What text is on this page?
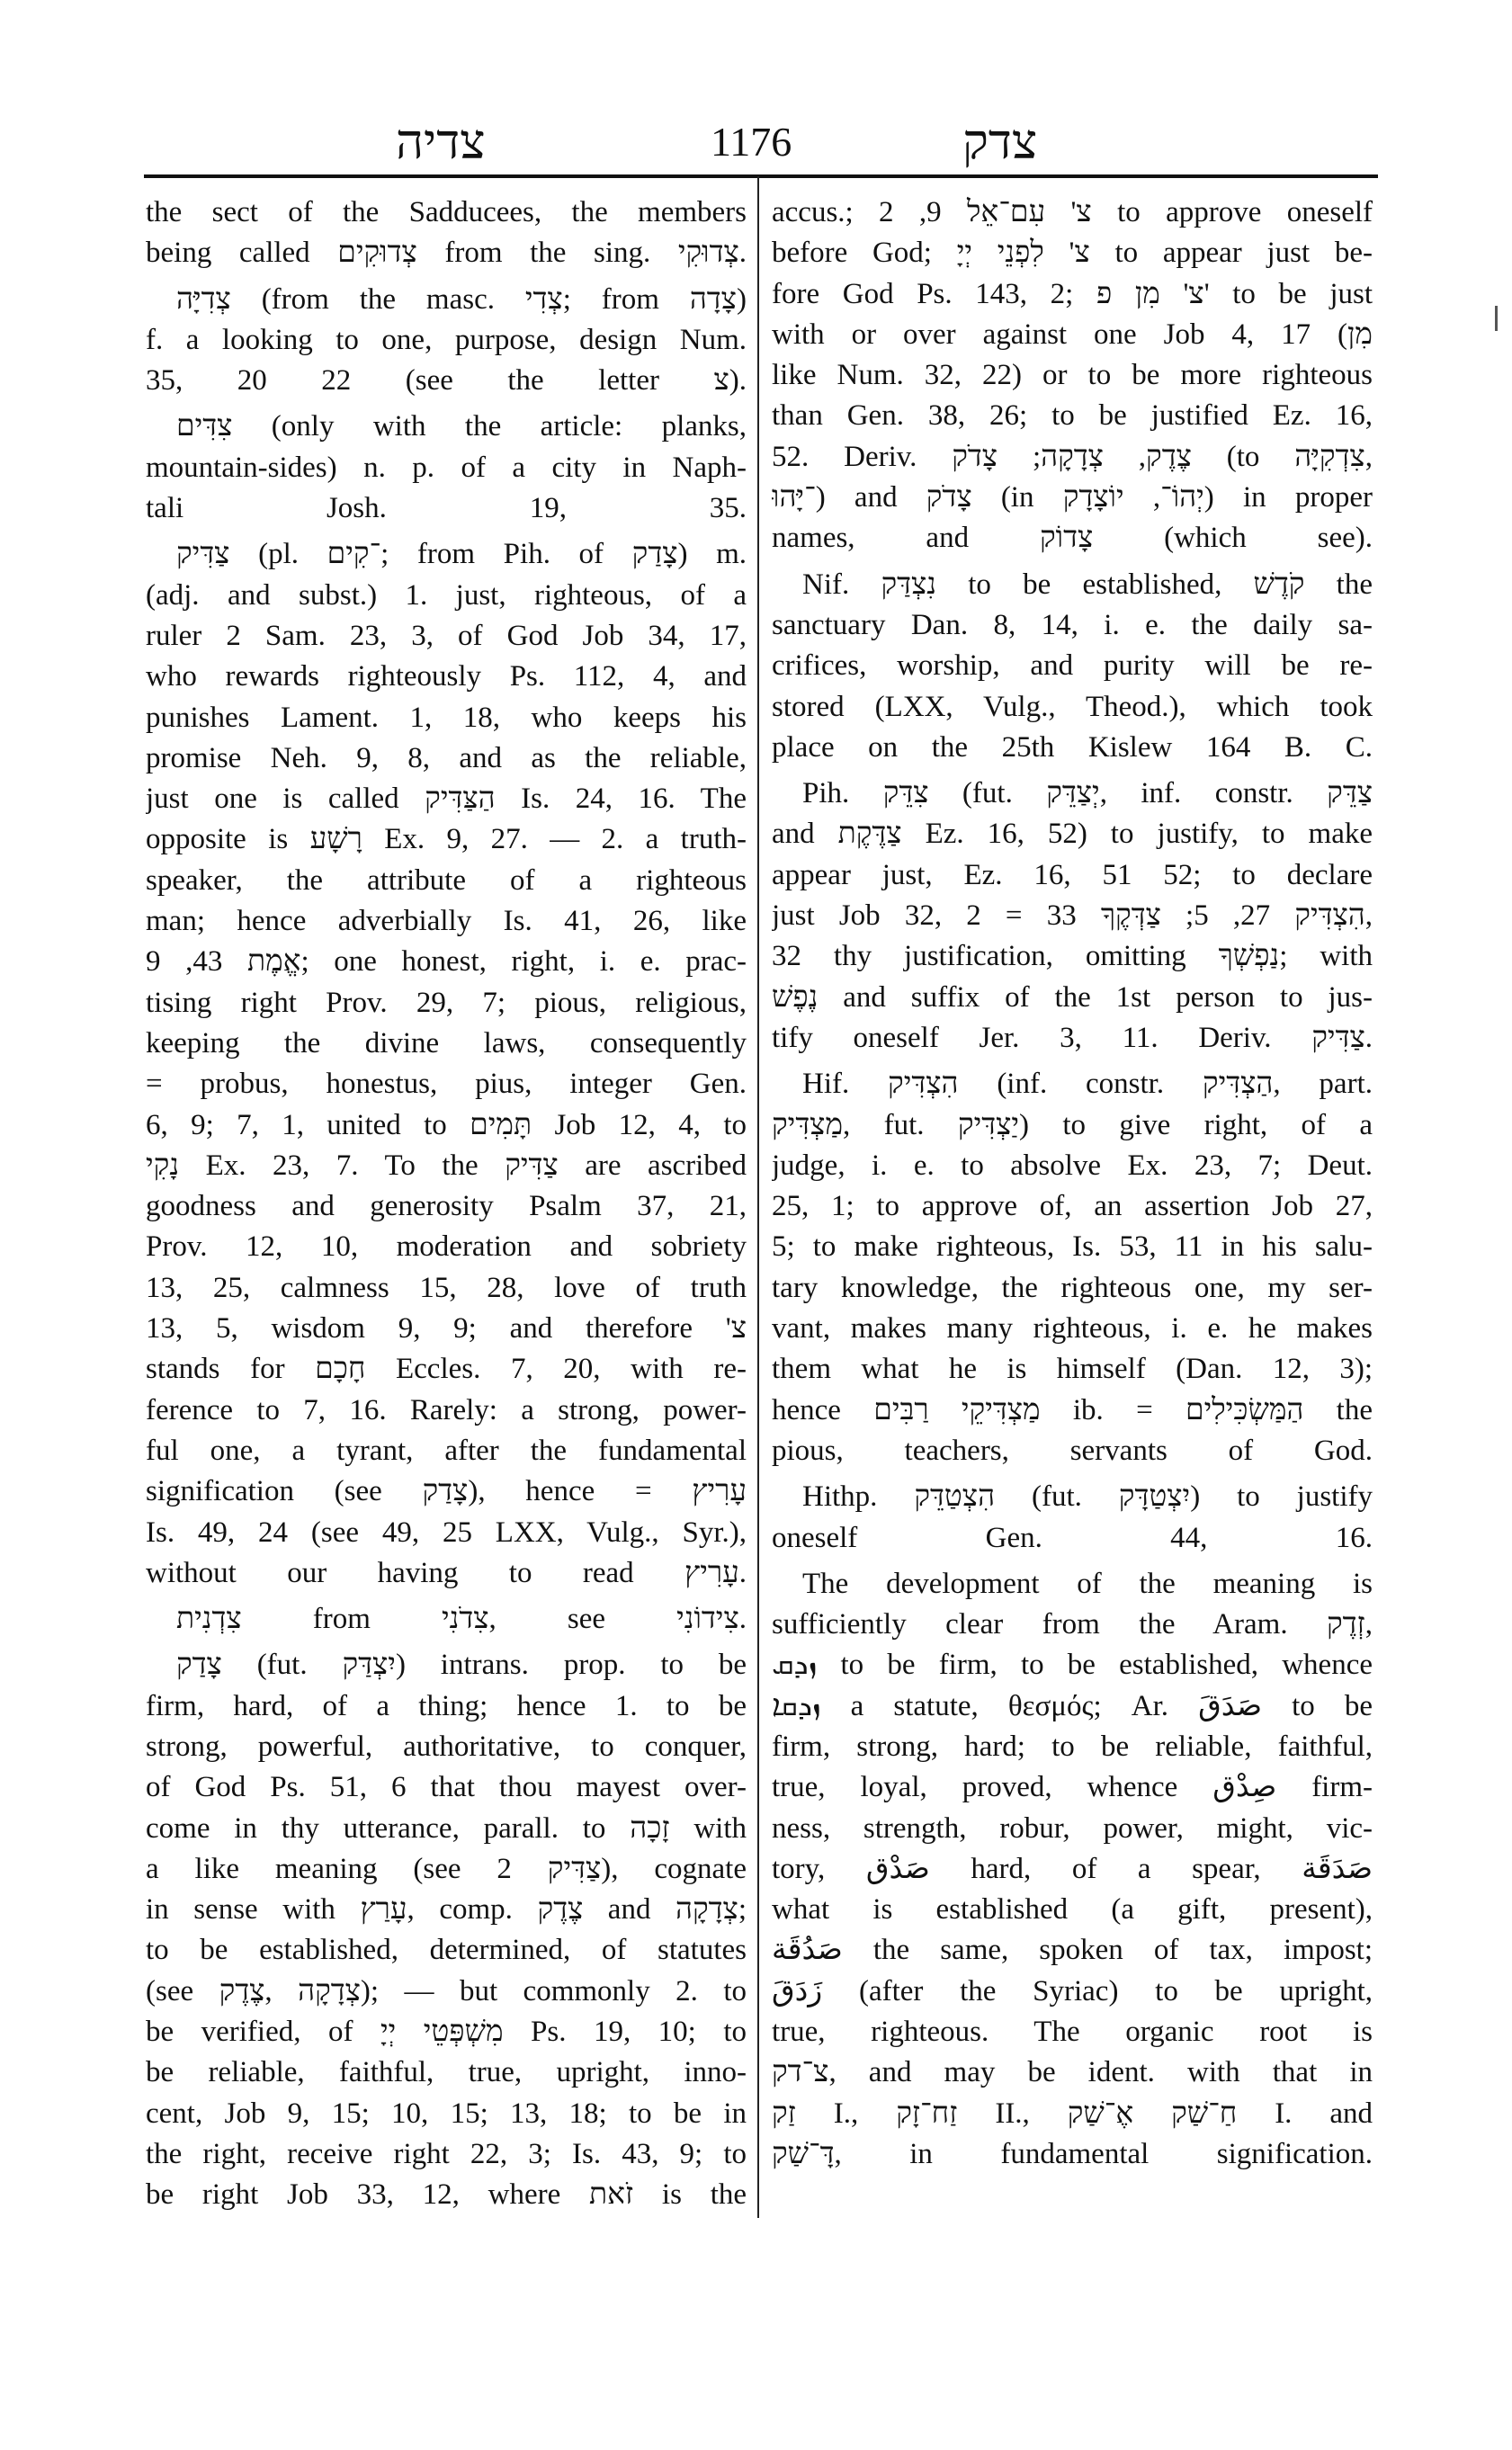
צדיה	1176	צדק
the sect of the Sadducees, the members
being called צְדוּקִים from the sing. צְדוּקִי.
צְדִיָּה (from the masc. צְדִי; from צָדָה)
f. a looking to one, purpose, design Num.
35, 20 22 (see the letter צ).
צִדִּים (only with the article: planks,
mountain-sides) n. p. of a city in Naph-
tali Josh. 19, 35.
צַדִּיק (pl. ־קִים; from Pih. of צָדַק) m.
(adj. and subst.) 1. just, righteous, of a
ruler 2 Sam. 23, 3, of God Job 34, 17,
who rewards righteously Ps. 112, 4, and
punishes Lament. 1, 18, who keeps his
promise Neh. 9, 8, and as the reliable,
just one is called הַצַּדִּיק Is. 24, 16. The
opposite is רָשָׁע Ex. 9, 27. — 2. a truth-
speaker, the attribute of a righteous
man; hence adverbially Is. 41, 26, like
אֱמֶת 43, 9; one honest, right, i. e. prac-
tising right Prov. 29, 7; pious, religious,
keeping the divine laws, consequently
= probus, honestus, pius, integer Gen.
6, 9; 7, 1, united to תָּמִים Job 12, 4, to
נָקִי Ex. 23, 7. To the צַדִּיק are ascribed
goodness and generosity Psalm 37, 21,
Prov. 12, 10, moderation and sobriety
13, 25, calmness 15, 28, love of truth
13, 5, wisdom 9, 9; and therefore 'צ
stands for חָכָם Eccles. 7, 20, with re-
ference to 7, 16. Rarely: a strong, power-
ful one, a tyrant, after the fundamental
signification (see צָדַק), hence = עָרִיץ
Is. 49, 24 (see 49, 25 LXX, Vulg., Syr.),
without our having to read עָרִיץ.
צִדְנִית from צִדֹנִי, see צִידוֹנִי.
צָדַק (fut. יִצְדַּק) intrans. prop. to be
firm, hard, of a thing; hence 1. to be
strong, powerful, authoritative, to conquer,
of God Ps. 51, 6 that thou mayest over-
come in thy utterance, parall. to זָכָה with
a like meaning (see צַדִּיק 2), cognate
in sense with עָרַץ, comp. צֶדֶק and צְדָקָה;
to be established, determined, of statutes
(see צְדָקָה ,צֶדֶק); — but commonly 2. to
be verified, of מִשְׁפְּטֵי יְיָ Ps. 19, 10; to
be reliable, faithful, true, upright, inno-
cent, Job 9, 15; 10, 15; 13, 18; to be in
the right, receive right 22, 3; Is. 43, 9; to
be right Job 33, 12, where זֹאת is the
accus.; צ' עִם־אֵל 9, 2 to approve oneself
before God; צ' לִפְנֵי יְיָ to appear just be-
fore God Ps. 143, 2; צ' מִן פ' to be just
with or over against one Job 4, 17 (מִן
like Num. 32, 22) or to be more righteous
than Gen. 38, 26; to be justified Ez. 16,
52. Deriv. צֶדֶק, צְדָקָה; צָדֹק (to צִדְקִיָּה,
־יָּהוּ) and צָדֹק (in יְהוֹ־, יוֹצָדָק) in proper
names, and צָדוֹק (which see).
Nif. נִצְדַּק to be established, קֹדֶשׁ the
sanctuary Dan. 8, 14, i. e. the daily sa-
crifices, worship, and purity will be re-
stored (LXX, Vulg., Theod.), which took
place on the 25th Kislew 164 B. C.
Pih. צִדֵּק (fut. יְצַדֵּק, inf. constr. צַדֵּק
and צַדֶּקֶת Ez. 16, 52) to justify, to make
appear just, Ez. 16, 51 52; to declare
just Job 32, 2 = הִצְדִּיק 27, 5; צַדְּקֶךָ 33,
32 thy justification, omitting נַפְשְׁךָ; with
נֶפֶשׁ and suffix of the 1st person to jus-
tify oneself Jer. 3, 11. Deriv. צַדִּיק.
Hif. הִצְדִּיק (inf. constr. הַצְדִּיק, part.
מַצְדִּיק, fut. יַצְדִּיק) to give right, of a
judge, i. e. to absolve Ex. 23, 7; Deut.
25, 1; to approve of, an assertion Job 27,
5; to make righteous, Is. 53, 11 in his salu-
tary knowledge, the righteous one, my ser-
vant, makes many righteous, i. e. he makes
them what he is himself (Dan. 12, 3);
hence מַצְדִּיקֵי רַבִּים ib. = הַמַּשְׂכִּילִים the
pious, teachers, servants of God.
Hithp. הִצְטַדֵּק (fut. יִצְטַדָּק) to justify
oneself Gen. 44, 16.
The development of the meaning is
sufficiently clear from the Aram. זְדֶק,
ܙܕܩ to be firm, to be established, whence
ܙܕܩܐ a statute, θεσμός; Ar. صَدَقَ to be
firm, strong, hard; to be reliable, faithful,
true, loyal, proved, whence صِدْق firm-
ness, strength, robur, power, might, vic-
tory, صَدْق hard, of a spear, صَدَقَة
what is established (a gift, present),
صَدُقَة the same, spoken of tax, impost;
زَدَقَ (after the Syriac) to be upright,
true, righteous. The organic root is
צ־דק, and may be ident. with that in
זַק I., זַח־זָק II., חַ־שַׁק אֶ־שַׁק I. and
דָּ־שַׁק, in fundamental signification.
